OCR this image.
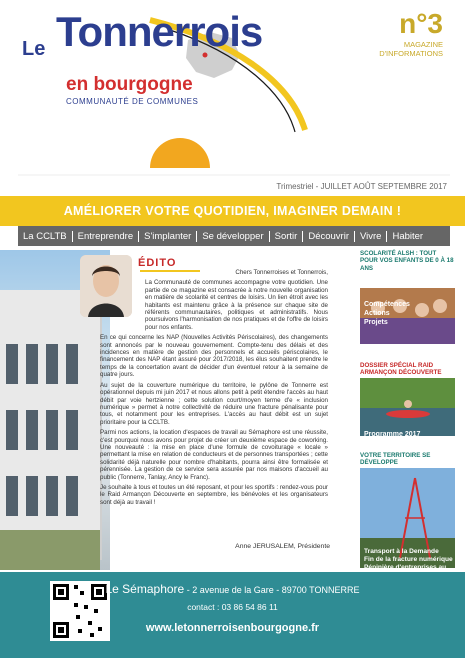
Tonnerrois
Le
en bourgogne
COMMUNAUTÉ DE COMMUNES
n°3
MAGAZINE D'INFORMATIONS
Trimestriel - JUILLET AOÛT SEPTEMBRE 2017
AMÉLIORER VOTRE QUOTIDIEN, IMAGINER DEMAIN !
La CCLTB	Entreprendre	S'implanter	Se développer	Sortir	Découvrir	Vivre	Habiter
ÉDITO

Chers Tonnerroises et Tonnerrois,

La Communauté de communes accompagne votre quotidien. Une partie de ce magazine est consacrée à notre nouvelle organisation en matière de scolarité et centres de loisirs. Un lien étroit avec les habitants est maintenu grâce à la présence sur chaque site de référents communautaires, politiques et administratifs. Nous poursuivons l'harmonisation de nos pratiques et de l'offre de loisirs pour nos enfants.

En ce qui concerne les NAP (Nouvelles Activités Périscolaires), des changements sont annoncés par le nouveau gouvernement. Compte-tenu des délais et des incidences en matière de gestion des personnels et accueils périscolaires, le financement des NAP étant assuré pour 2017/2018, les élus souhaitent prendre le temps de la concertation avant de décider d'un éventuel retour à la semaine de quatre jours.

Au sujet de la couverture numérique du territoire, le pylône de Tonnerre est opérationnel depuis mi juin 2017 et nous allons petit à petit étendre l'accès au haut débit par voie hertzienne ; cette solution court/moyen terme d'e « inclusion numérique » permet à notre collectivité de réduire une fracture pénalisante pour tous, et notamment pour les entreprises. L'accès au haut débit est un sujet prioritaire pour la CCLTB.

Parmi nos actions, la location d'espaces de travail au Sémaphore est une réussite, c'est pourquoi nous avons pour projet de créer un deuxième espace de coworking. Une nouveauté : la mise en place d'une formule de covoiturage « locale » permettant la mise en relation de conducteurs et de personnes transportées ; cette solidarité déjà naturelle pour nombre d'habitants, pourra ainsi être formalisée et pérennisée. La gestion de ce service sera assurée par nos maisons d'accueil au public (Tonnerre, Tanlay, Ancy le Franc).

Je souhaite à tous et toutes un été reposant, et pour les sportifs : rendez-vous pour le Raid Armançon Découverte en septembre, les bénévoles et les organisateurs sont déjà au travail !

Anne JERUSALEM, Présidente
SCOLARITÉ ALSH : TOUT POUR VOS ENFANTS DE 0 À 18 ANS
Compétences
Actions
Projets
DOSSIER SPÉCIAL RAID ARMANÇON DÉCOUVERTE
Programme 2017
VOTRE TERRITOIRE SE DÉVELOPPE
Transport à la Demande
Fin de la fracture numérique
Pépinière d'entreprises au
Le Sémaphore - 2 avenue de la Gare - 89700 TONNERRE
contact : 03 86 54 86 11
www.letonnerroisenbourgogne.fr
